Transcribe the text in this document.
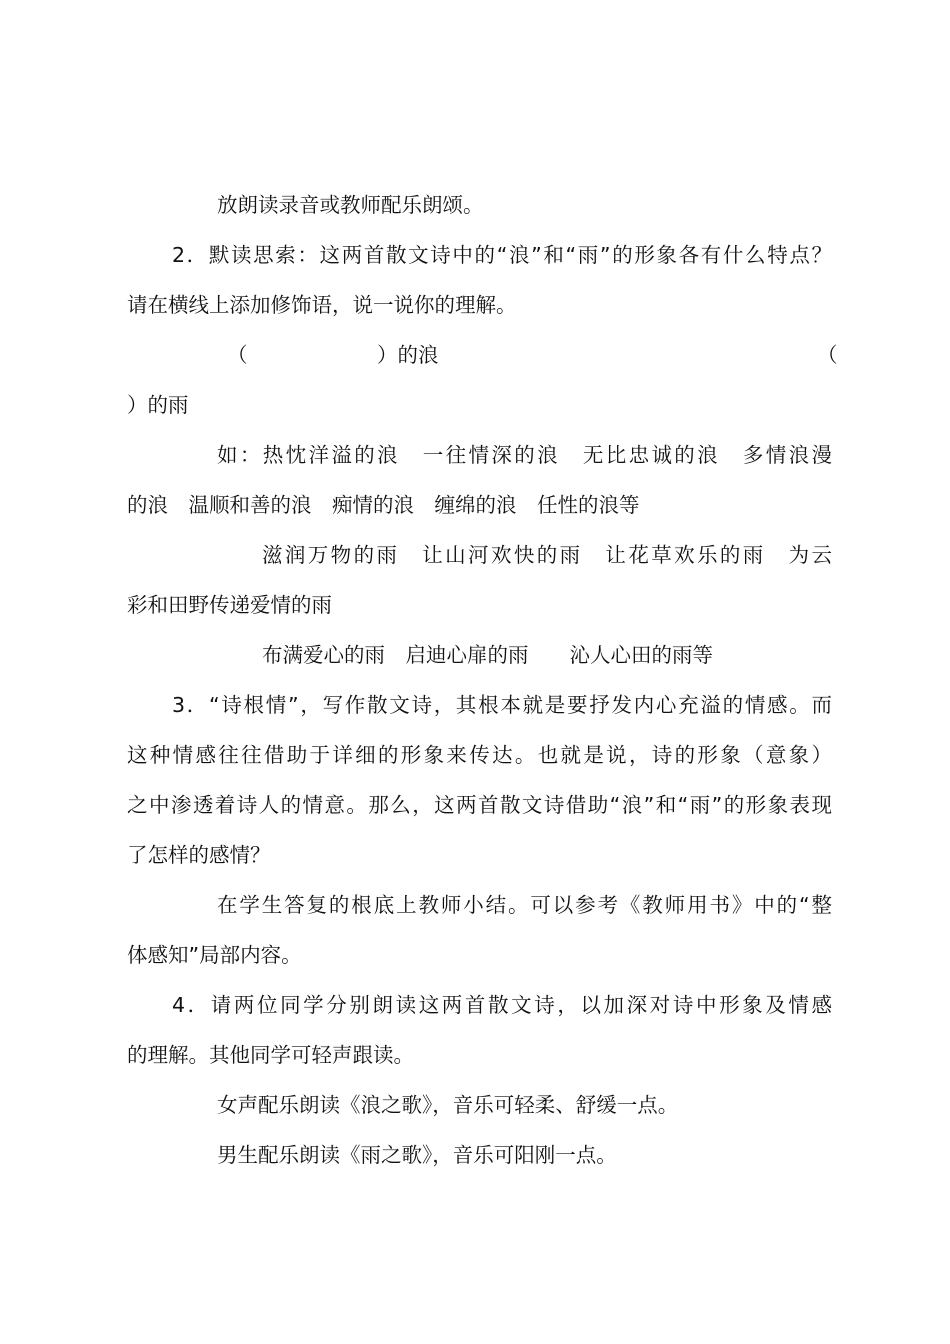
放朗读录音或教师配乐朗颂。
2．默读思索：这两首散文诗中的“浪”和“雨”的形象各有什么特点？
请在横线上添加修饰语，说一说你的理解。
（	）的浪	（
）的雨
如：热忱洋溢的浪　一往情深的浪　无比忠诚的浪　多情浪漫
的浪　温顺和善的浪　痴情的浪　缠绵的浪　任性的浪等
滋润万物的雨　让山河欢快的雨　让花草欢乐的雨　为云
彩和田野传递爱情的雨
布满爱心的雨　启迪心扉的雨　　沁人心田的雨等
3．“诗根情”，写作散文诗，其根本就是要抒发内心充溢的情感。而
这种情感往往借助于详细的形象来传达。也就是说，诗的形象（意象）
之中渗透着诗人的情意。那么，这两首散文诗借助“浪”和“雨”的形象表现
了怎样的感情？
在学生答复的根底上教师小结。可以参考《教师用书》中的“整
体感知”局部内容。
4．请两位同学分别朗读这两首散文诗，以加深对诗中形象及情感
的理解。其他同学可轻声跟读。
女声配乐朗读《浪之歌》，音乐可轻柔、舒缓一点。
男生配乐朗读《雨之歌》，音乐可阳刚一点。
